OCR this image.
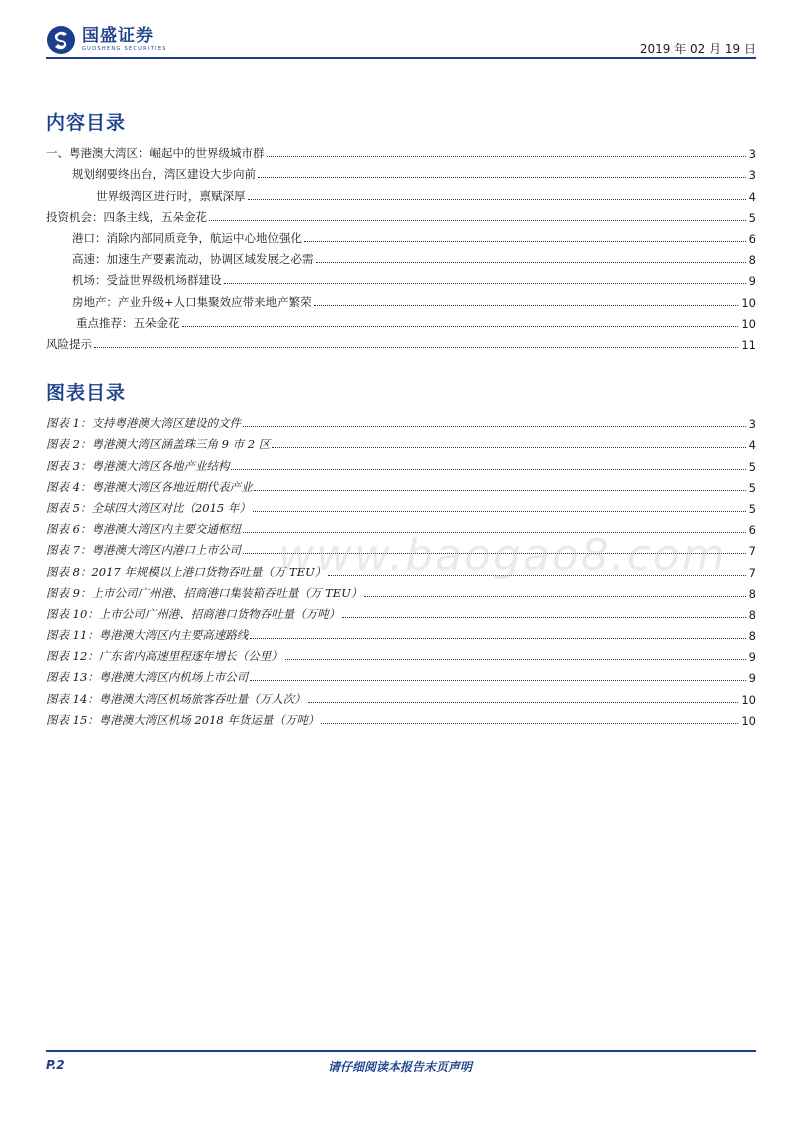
国盛证券
GUOSHENG SECURITIES	2019 年 02 月 19 日
内容目录
一、粤港澳大湾区：崛起中的世界级城市群	3
规划纲要终出台，湾区建设大步向前	3
世界级湾区进行时，禀赋深厚	4
投资机会：四条主线，五朵金花	5
港口：消除内部同质竞争，航运中心地位强化	6
高速：加速生产要素流动，协调区域发展之必需	8
机场：受益世界级机场群建设	9
房地产：产业升级+人口集聚效应带来地产繁荣	10
重点推荐：五朵金花	10
风险提示	11
图表目录
图表 1：支持粤港澳大湾区建设的文件	3
图表 2：粤港澳大湾区涵盖珠三角 9 市 2 区	4
图表 3：粤港澳大湾区各地产业结构	5
图表 4：粤港澳大湾区各地近期代表产业	5
图表 5：全球四大湾区对比（2015 年）	5
图表 6：粤港澳大湾区内主要交通枢纽	6
图表 7：粤港澳大湾区内港口上市公司	7
图表 8：2017 年规模以上港口货物吞吐量（万 TEU）	7
图表 9：上市公司广州港、招商港口集装箱吞吐量（万 TEU）	8
图表 10：上市公司广州港、招商港口货物吞吐量（万吨）	8
图表 11：粤港澳大湾区内主要高速路线	8
图表 12：广东省内高速里程逐年增长（公里）	9
图表 13：粤港澳大湾区内机场上市公司	9
图表 14：粤港澳大湾区机场旅客吞吐量（万人次）	10
图表 15：粤港澳大湾区机场 2018 年货运量（万吨）	10
www.baogao8.com
P.2	请仔细阅读本报告末页声明
